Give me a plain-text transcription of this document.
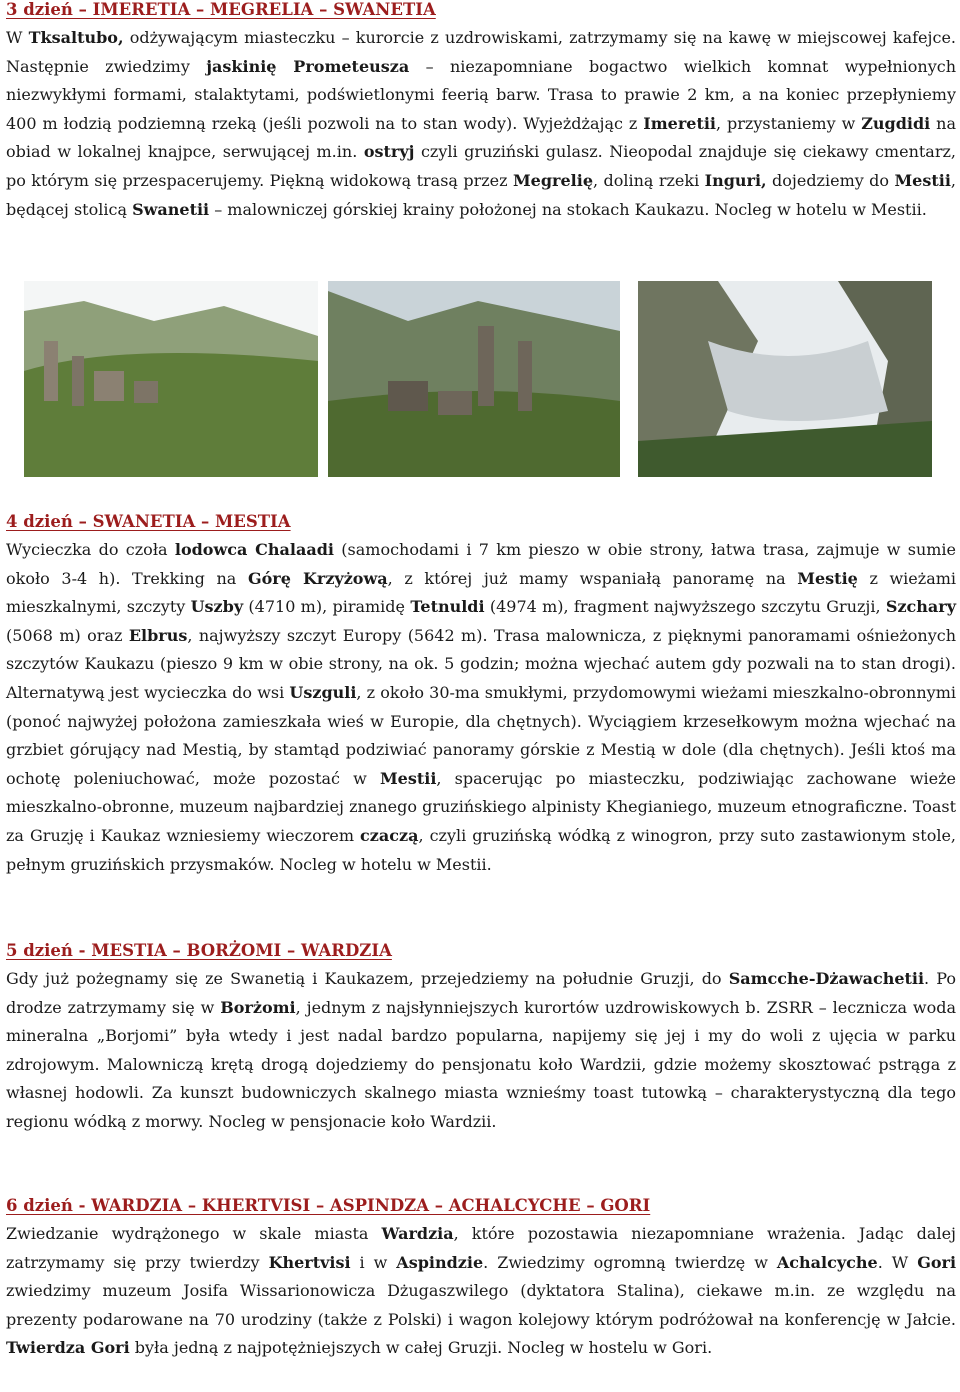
3 dzień – IMERETIA – MEGRELIA – SWANETIA

W Tksaltubo, odżywającym miasteczku – kurorcie z uzdrowiskami, zatrzymamy się na kawę w miejscowej kafejce. Następnie zwiedzimy jaskinię Prometeusza – niezapomniane bogactwo wielkich komnat wypełnionych niezwykłymi formami, stalaktytami, podświetlonymi feerią barw. Trasa to prawie 2 km, a na koniec przepłyniemy 400 m łodzią podziemną rzeką (jeśli pozwoli na to stan wody). Wyjeżdżając z Imeretii, przystaniemy w Zugdidi na obiad w lokalnej knajpce, serwującej m.in. ostryj czyli gruziński gulasz. Nieopodal znajduje się ciekawy cmentarz, po którym się przespacerujemy. Piękną widokową trasą przez Megrelię, doliną rzeki Inguri, dojedziemy do Mestii, będącej stolicą Swanetii – malowniczej górskiej krainy położonej na stokach Kaukazu. Nocleg w hotelu w Mestii.

4 dzień – SWANETIA – MESTIA

Wycieczka do czoła lodowca Chalaadi (samochodami i 7 km pieszo w obie strony, łatwa trasa, zajmuje w sumie około 3-4 h). Trekking na Górę Krzyżową, z której już mamy wspaniałą panoramę na Mestię z wieżami mieszkalnymi, szczyty Uszby (4710 m), piramidę Tetnuldi (4974 m), fragment najwyższego szczytu Gruzji, Szchary (5068 m) oraz Elbrus, najwyższy szczyt Europy (5642 m). Trasa malownicza, z pięknymi panoramami ośnieżonych szczytów Kaukazu (pieszo 9 km w obie strony, na ok. 5 godzin; można wjechać autem gdy pozwali na to stan drogi). Alternatywą jest wycieczka do wsi Uszguli, z około 30-ma smukłymi, przydomowymi wieżami mieszkalno-obronnymi (ponoć najwyżej położona zamieszkała wieś w Europie, dla chętnych). Wyciągiem krzesełkowym można wjechać na grzbiet górujący nad Mestią, by stamtąd podziwiać panoramy górskie z Mestią w dole (dla chętnych). Jeśli ktoś ma ochotę poleniuchować, może pozostać w Mestii, spacerując po miasteczku, podziwiając zachowane wieże mieszkalno-obronne, muzeum najbardziej znanego gruzińskiego alpinisty Khegianiego, muzeum etnograficzne. Toast za Gruzję i Kaukaz wzniesiemy wieczorem czaczą, czyli gruzińską wódką z winogron, przy suto zastawionym stole, pełnym gruzińskich przysmaków. Nocleg w hotelu w Mestii.

5 dzień - MESTIA – BORŻOMI – WARDZIA

Gdy już pożegnamy się ze Swanetią i Kaukazem, przejedziemy na południe Gruzji, do Samcche-Dżawachetii. Po drodze zatrzymamy się w Borżomi, jednym z najsłynniejszych kurortów uzdrowiskowych b. ZSRR – lecznicza woda mineralna „Borjomi” była wtedy i jest nadal bardzo popularna, napijemy się jej i my do woli z ujęcia w parku zdrojowym. Malowniczą krętą drogą dojedziemy do pensjonatu koło Wardzii, gdzie możemy skosztować pstrąga z własnej hodowli. Za kunszt budowniczych skalnego miasta wznieśmy toast tutowką – charakterystyczną dla tego regionu wódką z morwy. Nocleg w pensjonacie koło Wardzii.

6 dzień - WARDZIA – KHERTVISI – ASPINDZA – ACHALCYCHE – GORI

Zwiedzanie wydrążonego w skale miasta Wardzia, które pozostawia niezapomniane wrażenia. Jadąc dalej zatrzymamy się przy twierdzy Khertvisi i w Aspindzie. Zwiedzimy ogromną twierdzę w Achalcyche. W Gori zwiedzimy muzeum Josifa Wissarionowicza Dżugaszwilego (dyktatora Stalina), ciekawe m.in. ze względu na prezenty podarowane na 70 urodziny (także z Polski) i wagon kolejowy którym podróżował na konferencję w Jałcie. Twierdza Gori była jedną z najpotężniejszych w całej Gruzji. Nocleg w hostelu w Gori.
